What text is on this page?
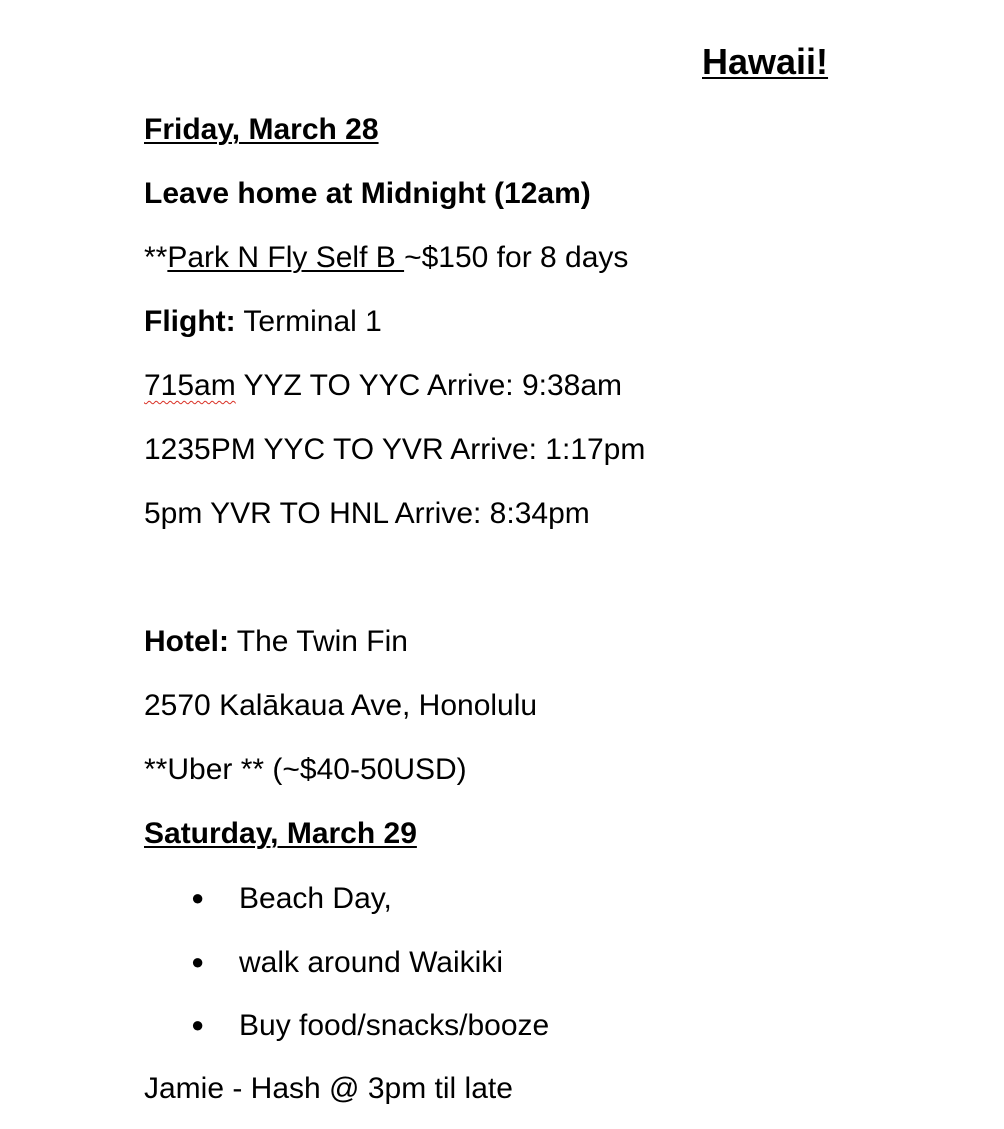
Hawaii!
Friday, March 28
Leave home at Midnight (12am)
**Park N Fly Self B ~$150 for 8 days
Flight: Terminal 1
715am YYZ TO YYC Arrive: 9:38am
1235PM YYC TO YVR Arrive: 1:17pm
5pm YVR TO HNL Arrive: 8:34pm
Hotel: The Twin Fin
2570 Kalākaua Ave, Honolulu
**Uber ** (~$40-50USD)
Saturday, March 29
● Beach Day,
● walk around Waikiki
● Buy food/snacks/booze
Jamie - Hash @ 3pm til late
